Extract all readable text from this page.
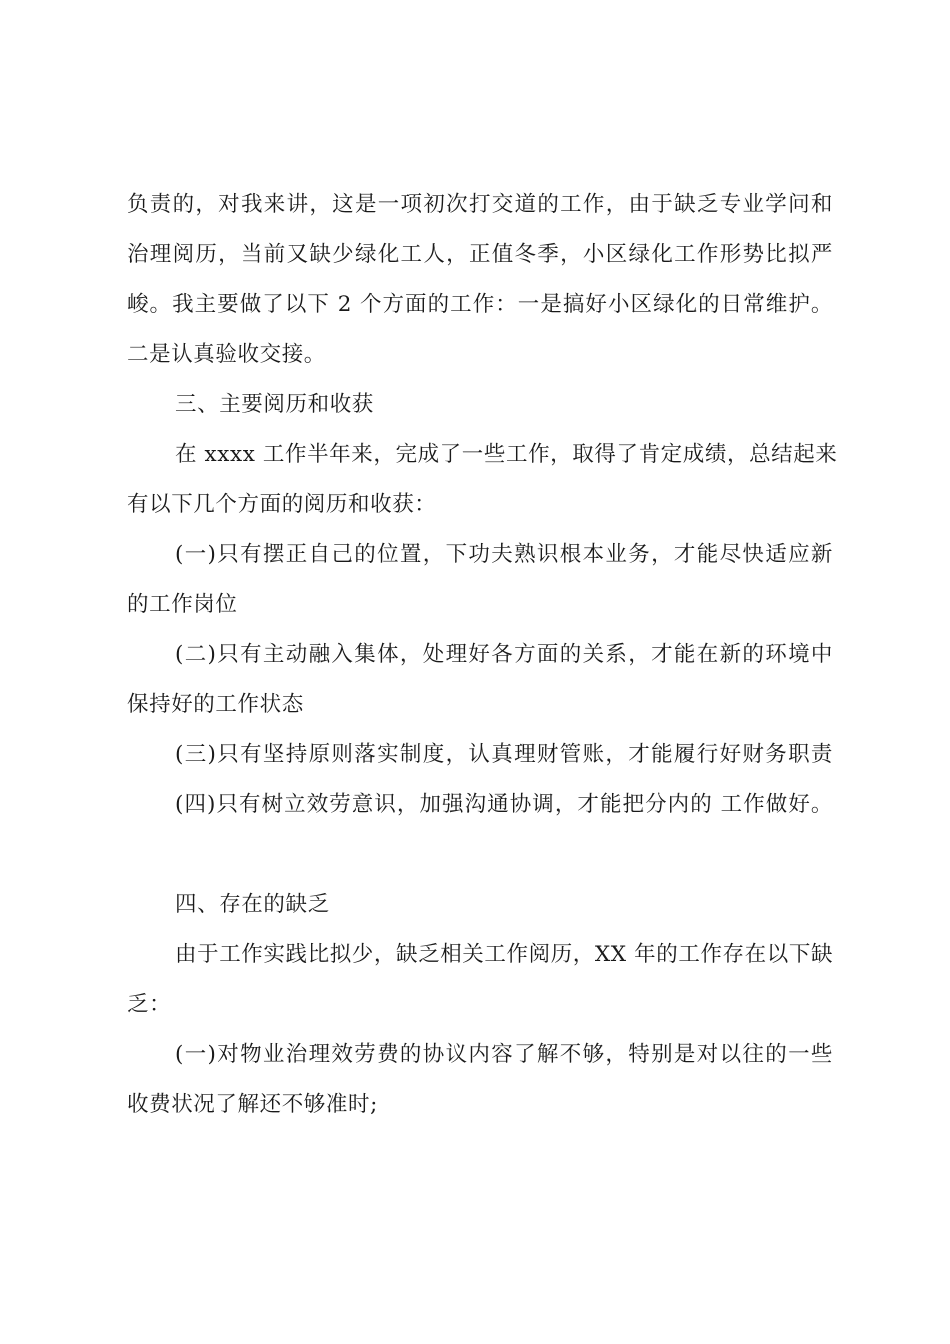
负责的，对我来讲，这是一项初次打交道的工作，由于缺乏专业学问和
治理阅历，当前又缺少绿化工人，正值冬季，小区绿化工作形势比拟严
峻。我主要做了以下 2 个方面的工作：一是搞好小区绿化的日常维护。
二是认真验收交接。
三、主要阅历和收获
在 xxxx 工作半年来，完成了一些工作，取得了肯定成绩，总结起来
有以下几个方面的阅历和收获：
(一)只有摆正自己的位置，下功夫熟识根本业务，才能尽快适应新
的工作岗位
(二)只有主动融入集体，处理好各方面的关系，才能在新的环境中
保持好的工作状态
(三)只有坚持原则落实制度，认真理财管账，才能履行好财务职责
(四)只有树立效劳意识，加强沟通协调，才能把分内的 工作做好。
四、存在的缺乏
由于工作实践比拟少，缺乏相关工作阅历，XX 年的工作存在以下缺
乏：
(一)对物业治理效劳费的协议内容了解不够，特别是对以往的一些
收费状况了解还不够准时;
